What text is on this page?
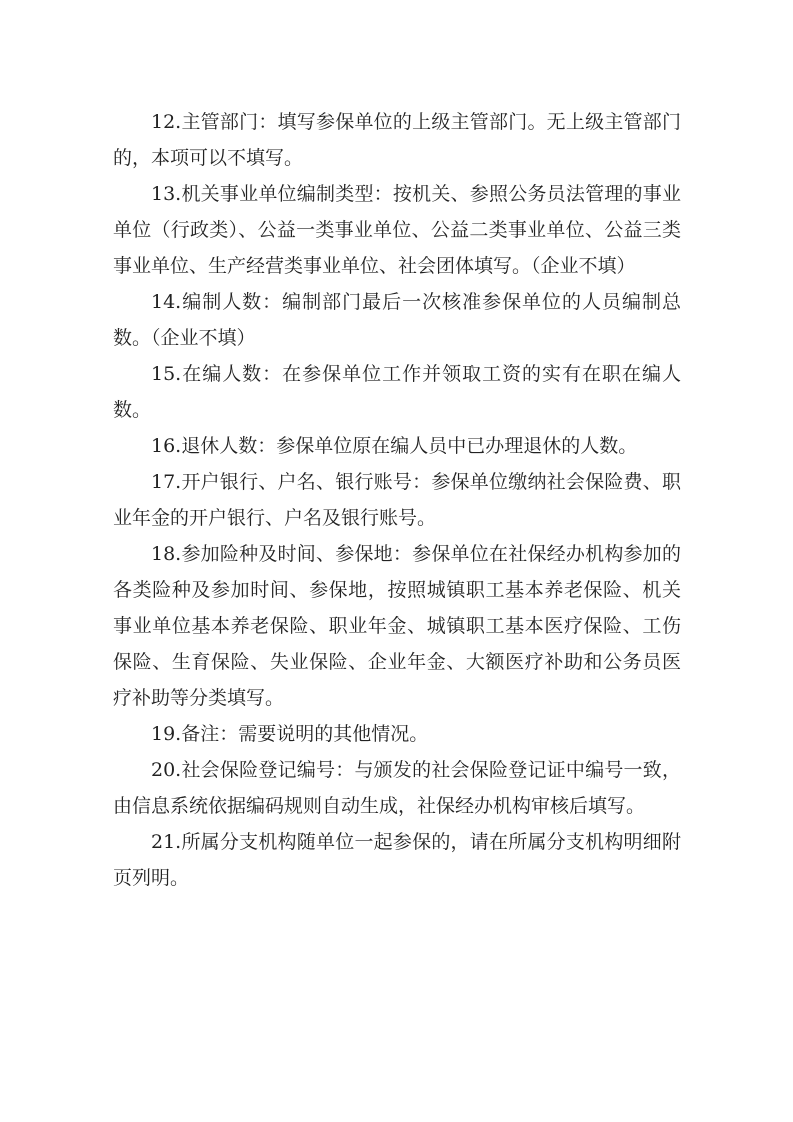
12.主管部门：填写参保单位的上级主管部门。无上级主管部门的，本项可以不填写。

13.机关事业单位编制类型：按机关、参照公务员法管理的事业单位（行政类）、公益一类事业单位、公益二类事业单位、公益三类事业单位、生产经营类事业单位、社会团体填写。（企业不填）

14.编制人数：编制部门最后一次核准参保单位的人员编制总数。（企业不填）

15.在编人数：在参保单位工作并领取工资的实有在职在编人数。

16.退休人数：参保单位原在编人员中已办理退休的人数。

17.开户银行、户名、银行账号：参保单位缴纳社会保险费、职业年金的开户银行、户名及银行账号。

18.参加险种及时间、参保地：参保单位在社保经办机构参加的各类险种及参加时间、参保地，按照城镇职工基本养老保险、机关事业单位基本养老保险、职业年金、城镇职工基本医疗保险、工伤保险、生育保险、失业保险、企业年金、大额医疗补助和公务员医疗补助等分类填写。

19.备注：需要说明的其他情况。

20.社会保险登记编号：与颁发的社会保险登记证中编号一致，由信息系统依据编码规则自动生成，社保经办机构审核后填写。

21.所属分支机构随单位一起参保的，请在所属分支机构明细附页列明。
